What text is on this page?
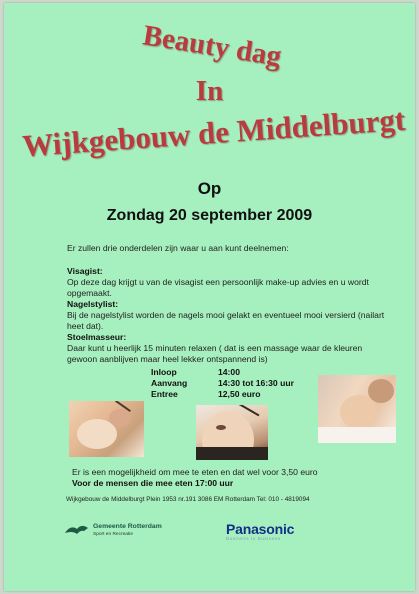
Beauty dag
In
Wijkgebouw de Middelburgt
Op
Zondag 20 september 2009
Er zullen drie onderdelen zijn waar u aan kunt deelnemen:
Visagist:
Op deze dag krijgt u van de visagist een persoonlijk make-up advies en u wordt opgemaakt.
Nagelstylist:
Bij de nagelstylist worden de nagels mooi gelakt en eventueel mooi versierd (nailart heet dat).
Stoelmasseur:
Daar kunt u heerlijk 15 minuten relaxen ( dat is een massage waar de kleuren gewoon aanblijven maar heel lekker ontspannend is)
Inloop	14:00
Aanvang	14:30 tot 16:30 uur
Entree	12,50 euro
Er is een mogelijkheid om mee te eten en dat wel voor 3,50 euro
Voor de mensen die mee eten 17:00 uur
Wijkgebouw de Middelburgt Plein 1953 nr.191 3086 EM Rotterdam Tel: 010 - 4819094
Gemeente Rotterdam
Sport en Recreatie	Panasonic
Business to Business
